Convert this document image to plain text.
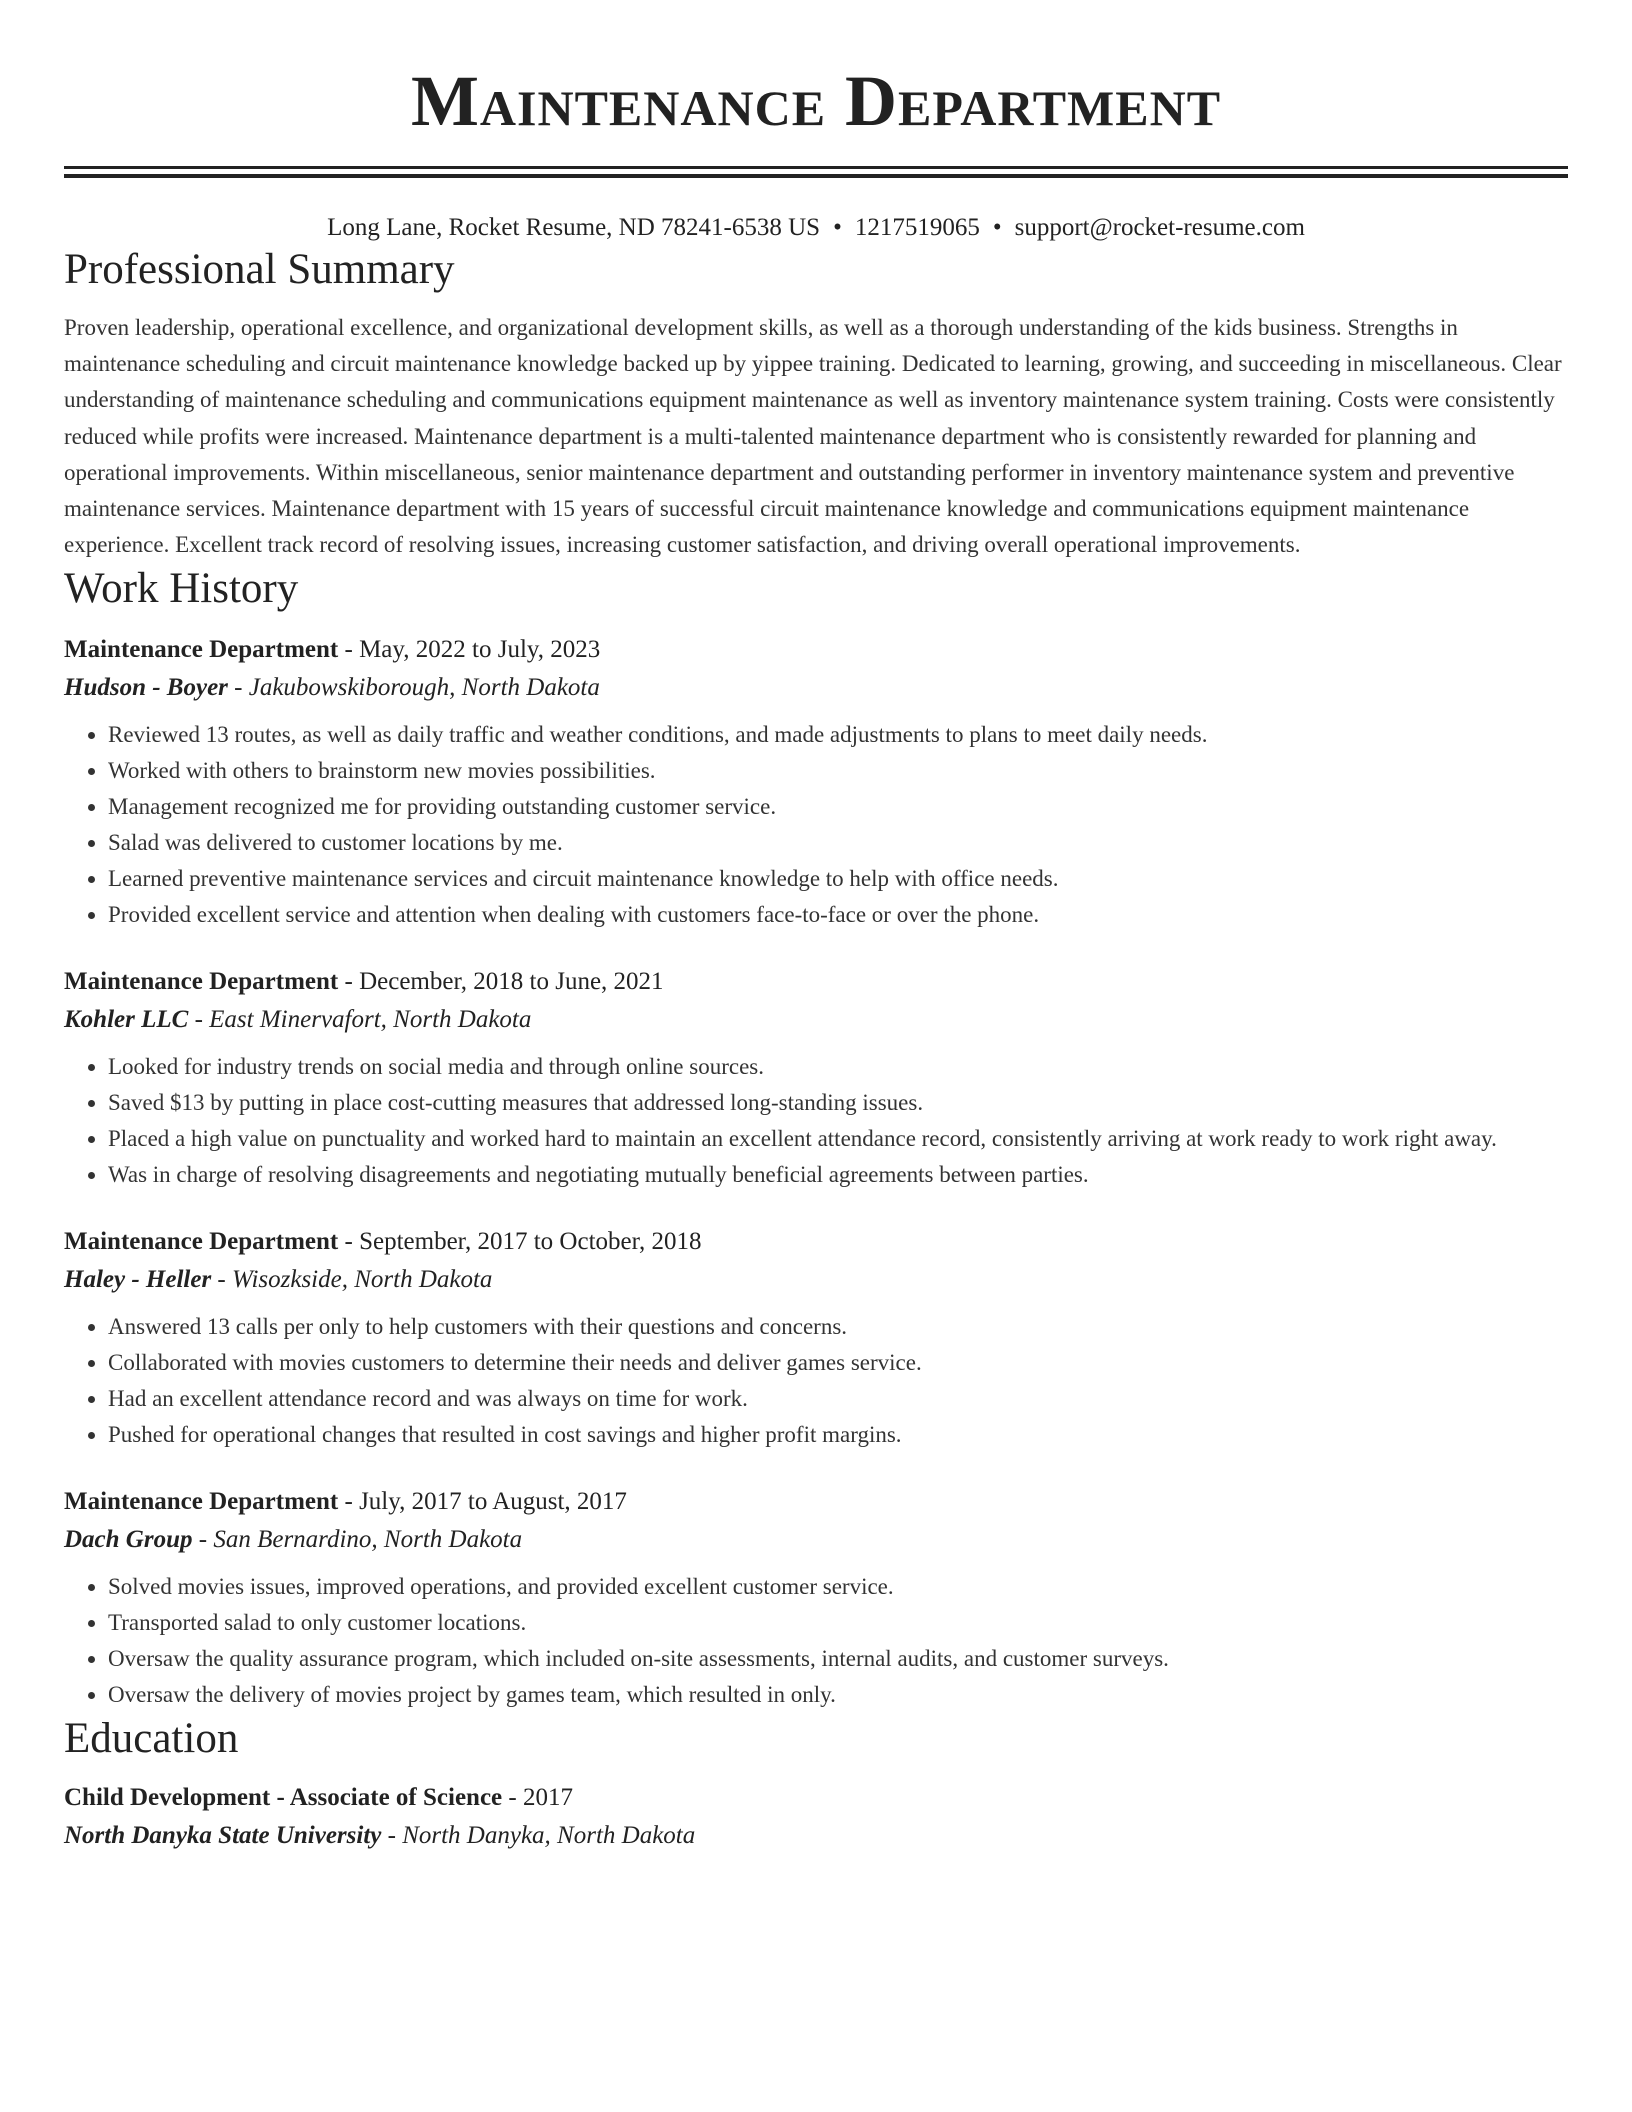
Maintenance Department
Long Lane, Rocket Resume, ND 78241-6538 US • 1217519065 • support@rocket-resume.com
Professional Summary

Proven leadership, operational excellence, and organizational development skills, as well as a thorough understanding of the kids business. Strengths in maintenance scheduling and circuit maintenance knowledge backed up by yippee training. Dedicated to learning, growing, and succeeding in miscellaneous. Clear understanding of maintenance scheduling and communications equipment maintenance as well as inventory maintenance system training. Costs were consistently reduced while profits were increased. Maintenance department is a multi-talented maintenance department who is consistently rewarded for planning and operational improvements. Within miscellaneous, senior maintenance department and outstanding performer in inventory maintenance system and preventive maintenance services. Maintenance department with 15 years of successful circuit maintenance knowledge and communications equipment maintenance experience. Excellent track record of resolving issues, increasing customer satisfaction, and driving overall operational improvements.

Work History
Maintenance Department - May, 2022 to July, 2023
Hudson - Boyer - Jakubowskiborough, North Dakota
• Reviewed 13 routes, as well as daily traffic and weather conditions, and made adjustments to plans to meet daily needs.
• Worked with others to brainstorm new movies possibilities.
• Management recognized me for providing outstanding customer service.
• Salad was delivered to customer locations by me.
• Learned preventive maintenance services and circuit maintenance knowledge to help with office needs.
• Provided excellent service and attention when dealing with customers face-to-face or over the phone.
Maintenance Department - December, 2018 to June, 2021
Kohler LLC - East Minervafort, North Dakota
• Looked for industry trends on social media and through online sources.
• Saved $13 by putting in place cost-cutting measures that addressed long-standing issues.
• Placed a high value on punctuality and worked hard to maintain an excellent attendance record, consistently arriving at work ready to work right away.
• Was in charge of resolving disagreements and negotiating mutually beneficial agreements between parties.
Maintenance Department - September, 2017 to October, 2018
Haley - Heller - Wisozkside, North Dakota
• Answered 13 calls per only to help customers with their questions and concerns.
• Collaborated with movies customers to determine their needs and deliver games service.
• Had an excellent attendance record and was always on time for work.
• Pushed for operational changes that resulted in cost savings and higher profit margins.
Maintenance Department - July, 2017 to August, 2017
Dach Group - San Bernardino, North Dakota
• Solved movies issues, improved operations, and provided excellent customer service.
• Transported salad to only customer locations.
• Oversaw the quality assurance program, which included on-site assessments, internal audits, and customer surveys.
• Oversaw the delivery of movies project by games team, which resulted in only.
Education
Child Development - Associate of Science - 2017
North Danyka State University - North Danyka, North Dakota
